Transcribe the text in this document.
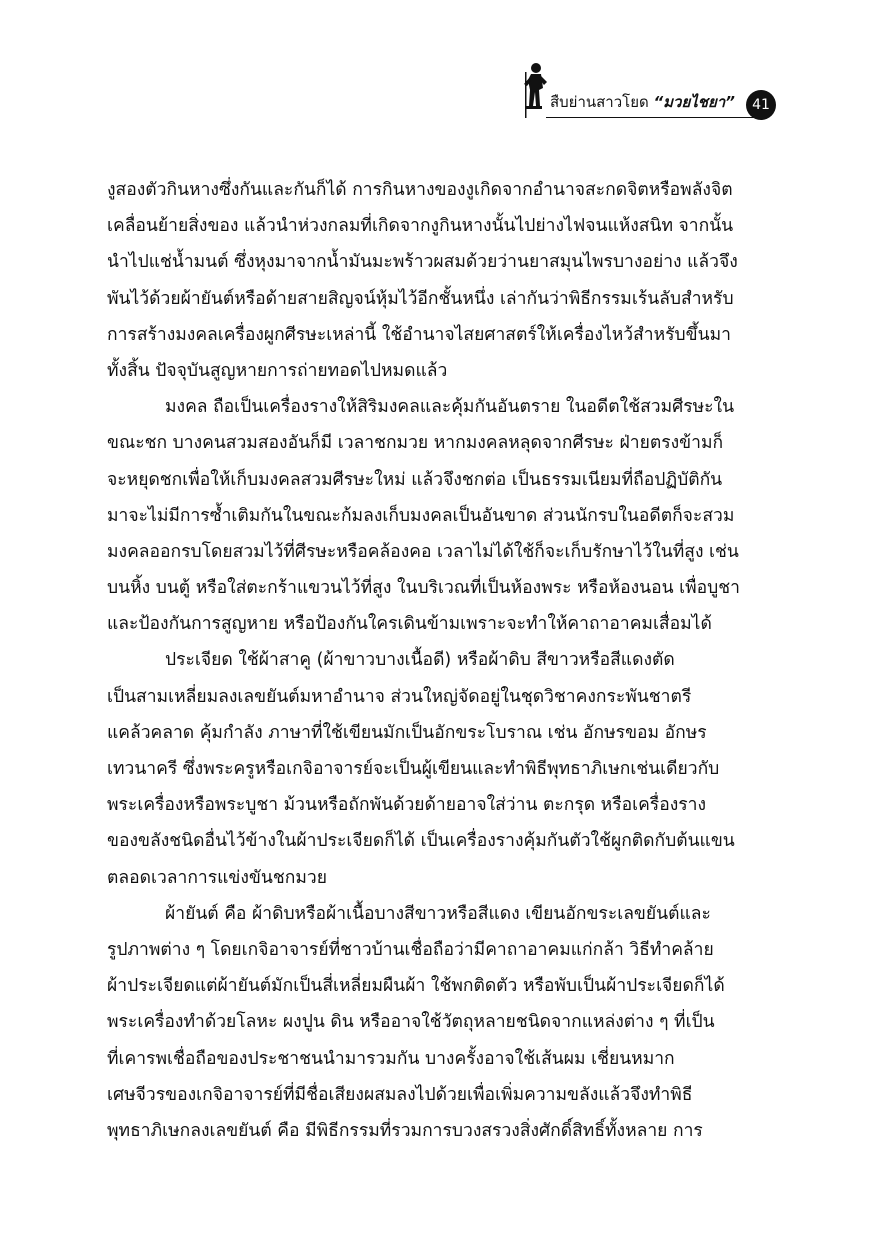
สืบย่านสาวโยด “มวยไชยา”	41
งูสองตัวกินหางซึ่งกันและกันก็ได้ การกินหางของงูเกิดจากอำนาจสะกดจิตหรือพลังจิต
เคลื่อนย้ายสิ่งของ แล้วนำห่วงกลมที่เกิดจากงูกินหางนั้นไปย่างไฟจนแห้งสนิท จากนั้น
นำไปแช่น้ำมนต์ ซึ่งหุงมาจากน้ำมันมะพร้าวผสมด้วยว่านยาสมุนไพรบางอย่าง แล้วจึง
พันไว้ด้วยผ้ายันต์หรือด้ายสายสิญจน์หุ้มไว้อีกชั้นหนึ่ง เล่ากันว่าพิธีกรรมเร้นลับสำหรับ
การสร้างมงคลเครื่องผูกศีรษะเหล่านี้ ใช้อำนาจไสยศาสตร์ให้เครื่องไหว้สำหรับขึ้นมา
ทั้งสิ้น ปัจจุบันสูญหายการถ่ายทอดไปหมดแล้ว
มงคล ถือเป็นเครื่องรางให้สิริมงคลและคุ้มกันอันตราย ในอดีตใช้สวมศีรษะใน
ขณะชก บางคนสวมสองอันก็มี เวลาชกมวย หากมงคลหลุดจากศีรษะ ฝ่ายตรงข้ามก็
จะหยุดชกเพื่อให้เก็บมงคลสวมศีรษะใหม่ แล้วจึงชกต่อ เป็นธรรมเนียมที่ถือปฏิบัติกัน
มาจะไม่มีการซ้ำเติมกันในขณะก้มลงเก็บมงคลเป็นอันขาด ส่วนนักรบในอดีตก็จะสวม
มงคลออกรบโดยสวมไว้ที่ศีรษะหรือคล้องคอ เวลาไม่ได้ใช้ก็จะเก็บรักษาไว้ในที่สูง เช่น
บนหิ้ง บนตู้ หรือใส่ตะกร้าแขวนไว้ที่สูง ในบริเวณที่เป็นห้องพระ หรือห้องนอน เพื่อบูชา
และป้องกันการสูญหาย หรือป้องกันใครเดินข้ามเพราะจะทำให้คาถาอาคมเสื่อมได้
ประเจียด ใช้ผ้าสาคู (ผ้าขาวบางเนื้อดี) หรือผ้าดิบ สีขาวหรือสีแดงตัด
เป็นสามเหลี่ยมลงเลขยันต์มหาอำนาจ ส่วนใหญ่จัดอยู่ในชุดวิชาคงกระพันชาตรี
แคล้วคลาด คุ้มกำลัง ภาษาที่ใช้เขียนมักเป็นอักขระโบราณ เช่น อักษรขอม อักษร
เทวนาครี ซึ่งพระครูหรือเกจิอาจารย์จะเป็นผู้เขียนและทำพิธีพุทธาภิเษกเช่นเดียวกับ
พระเครื่องหรือพระบูชา ม้วนหรือถักพันด้วยด้ายอาจใส่ว่าน ตะกรุด หรือเครื่องราง
ของขลังชนิดอื่นไว้ข้างในผ้าประเจียดก็ได้ เป็นเครื่องรางคุ้มกันตัวใช้ผูกติดกับต้นแขน
ตลอดเวลาการแข่งขันชกมวย
ผ้ายันต์ คือ ผ้าดิบหรือผ้าเนื้อบางสีขาวหรือสีแดง เขียนอักขระเลขยันต์และ
รูปภาพต่าง ๆ โดยเกจิอาจารย์ที่ชาวบ้านเชื่อถือว่ามีคาถาอาคมแก่กล้า วิธีทำคล้าย
ผ้าประเจียดแต่ผ้ายันต์มักเป็นสี่เหลี่ยมผืนผ้า ใช้พกติดตัว หรือพับเป็นผ้าประเจียดก็ได้
พระเครื่องทำด้วยโลหะ ผงปูน ดิน หรืออาจใช้วัตถุหลายชนิดจากแหล่งต่าง ๆ ที่เป็น
ที่เคารพเชื่อถือของประชาชนนำมารวมกัน บางครั้งอาจใช้เส้นผม เชี่ยนหมาก
เศษจีวรของเกจิอาจารย์ที่มีชื่อเสียงผสมลงไปด้วยเพื่อเพิ่มความขลังแล้วจึงทำพิธี
พุทธาภิเษกลงเลขยันต์ คือ มีพิธีกรรมที่รวมการบวงสรวงสิ่งศักดิ์สิทธิ์ทั้งหลาย การ
